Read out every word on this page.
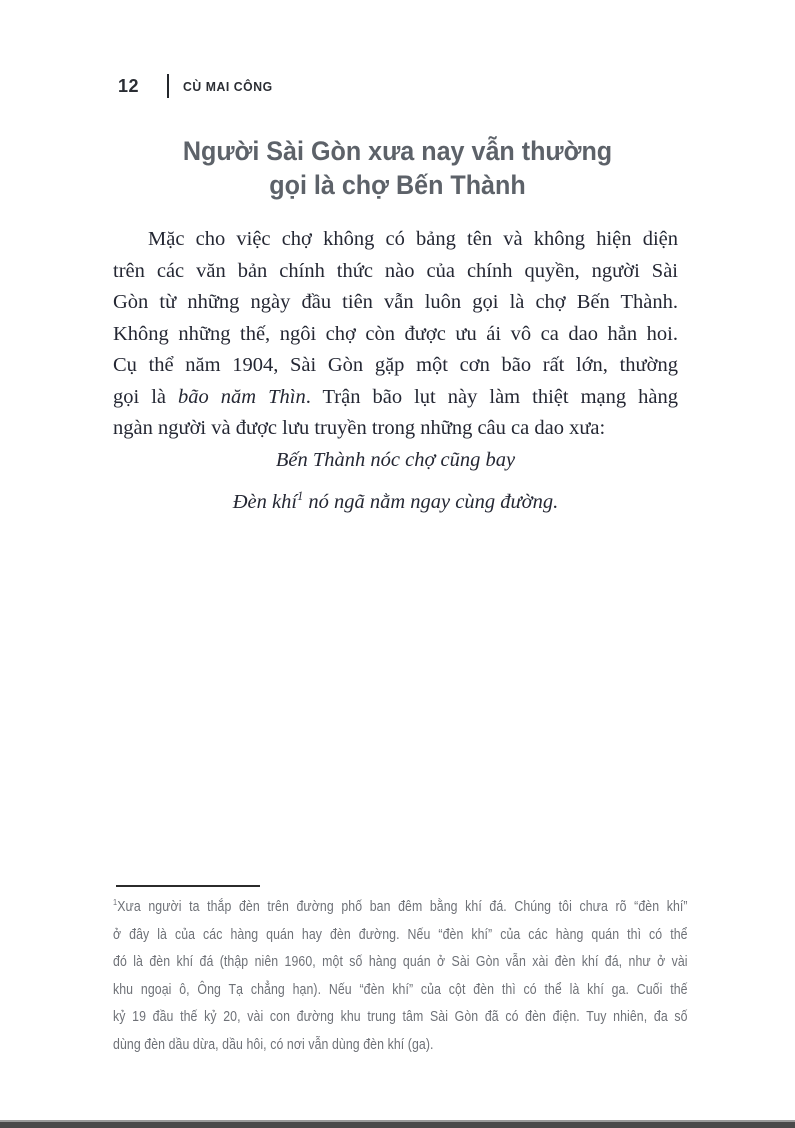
12	CÙ MAI CÔNG
Người Sài Gòn xưa nay vẫn thường
gọi là chợ Bến Thành
Mặc cho việc chợ không có bảng tên và không hiện diện
trên các văn bản chính thức nào của chính quyền, người Sài
Gòn từ những ngày đầu tiên vẫn luôn gọi là chợ Bến Thành.
Không những thế, ngôi chợ còn được ưu ái vô ca dao hẳn hoi.
Cụ thể năm 1904, Sài Gòn gặp một cơn bão rất lớn, thường
gọi là bão năm Thìn. Trận bão lụt này làm thiệt mạng hàng
ngàn người và được lưu truyền trong những câu ca dao xưa:
Bến Thành nóc chợ cũng bay
Đèn khí$^1$ nó ngã nằm ngay cùng đường.
$^1$Xưa người ta thắp đèn trên đường phố ban đêm bằng khí đá. Chúng tôi chưa rõ “đèn khí”
ở đây là của các hàng quán hay đèn đường. Nếu “đèn khí” của các hàng quán thì có thể
đó là đèn khí đá (thập niên 1960, một số hàng quán ở Sài Gòn vẫn xài đèn khí đá, như ở vài
khu ngoại ô, Ông Tạ chẳng hạn). Nếu “đèn khí” của cột đèn thì có thể là khí ga. Cuối thế
kỷ 19 đầu thế kỷ 20, vài con đường khu trung tâm Sài Gòn đã có đèn điện. Tuy nhiên, đa số
dùng đèn dầu dừa, dầu hôi, có nơi vẫn dùng đèn khí (ga).
